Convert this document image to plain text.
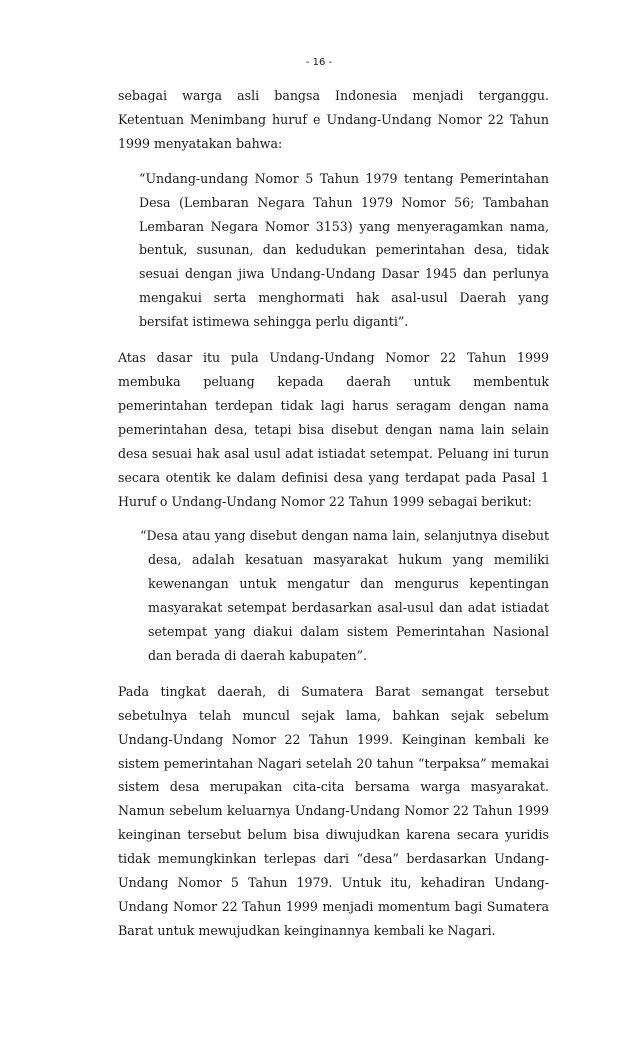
- 16 -

sebagai warga asli bangsa Indonesia menjadi terganggu. Ketentuan Menimbang huruf e Undang-Undang Nomor 22 Tahun 1999 menyatakan bahwa:

“Undang-undang Nomor 5 Tahun 1979 tentang Pemerintahan Desa (Lembaran Negara Tahun 1979 Nomor 56; Tambahan Lembaran Negara Nomor 3153) yang menyeragamkan nama, bentuk, susunan, dan kedudukan pemerintahan desa, tidak sesuai dengan jiwa Undang-Undang Dasar 1945 dan perlunya mengakui serta menghormati hak asal-usul Daerah yang bersifat istimewa sehingga perlu diganti”.

Atas dasar itu pula Undang-Undang Nomor 22 Tahun 1999 membuka peluang kepada daerah untuk membentuk pemerintahan terdepan tidak lagi harus seragam dengan nama pemerintahan desa, tetapi bisa disebut dengan nama lain selain desa sesuai hak asal usul adat istiadat setempat. Peluang ini turun secara otentik ke dalam definisi desa yang terdapat pada Pasal 1 Huruf o Undang-Undang Nomor 22 Tahun 1999 sebagai berikut:

“Desa atau yang disebut dengan nama lain, selanjutnya disebut desa, adalah kesatuan masyarakat hukum yang memiliki kewenangan untuk mengatur dan mengurus kepentingan masyarakat setempat berdasarkan asal-usul dan adat istiadat setempat yang diakui dalam sistem Pemerintahan Nasional dan berada di daerah kabupaten”.

Pada tingkat daerah, di Sumatera Barat semangat tersebut sebetulnya telah muncul sejak lama, bahkan sejak sebelum Undang-Undang Nomor 22 Tahun 1999. Keinginan kembali ke sistem pemerintahan Nagari setelah 20 tahun “terpaksa” memakai sistem desa merupakan cita-cita bersama warga masyarakat. Namun sebelum keluarnya Undang-Undang Nomor 22 Tahun 1999 keinginan tersebut belum bisa diwujudkan karena secara yuridis tidak memungkinkan terlepas dari “desa” berdasarkan Undang-Undang Nomor 5 Tahun 1979. Untuk itu, kehadiran Undang-Undang Nomor 22 Tahun 1999 menjadi momentum bagi Sumatera Barat untuk mewujudkan keinginannya kembali ke Nagari.
